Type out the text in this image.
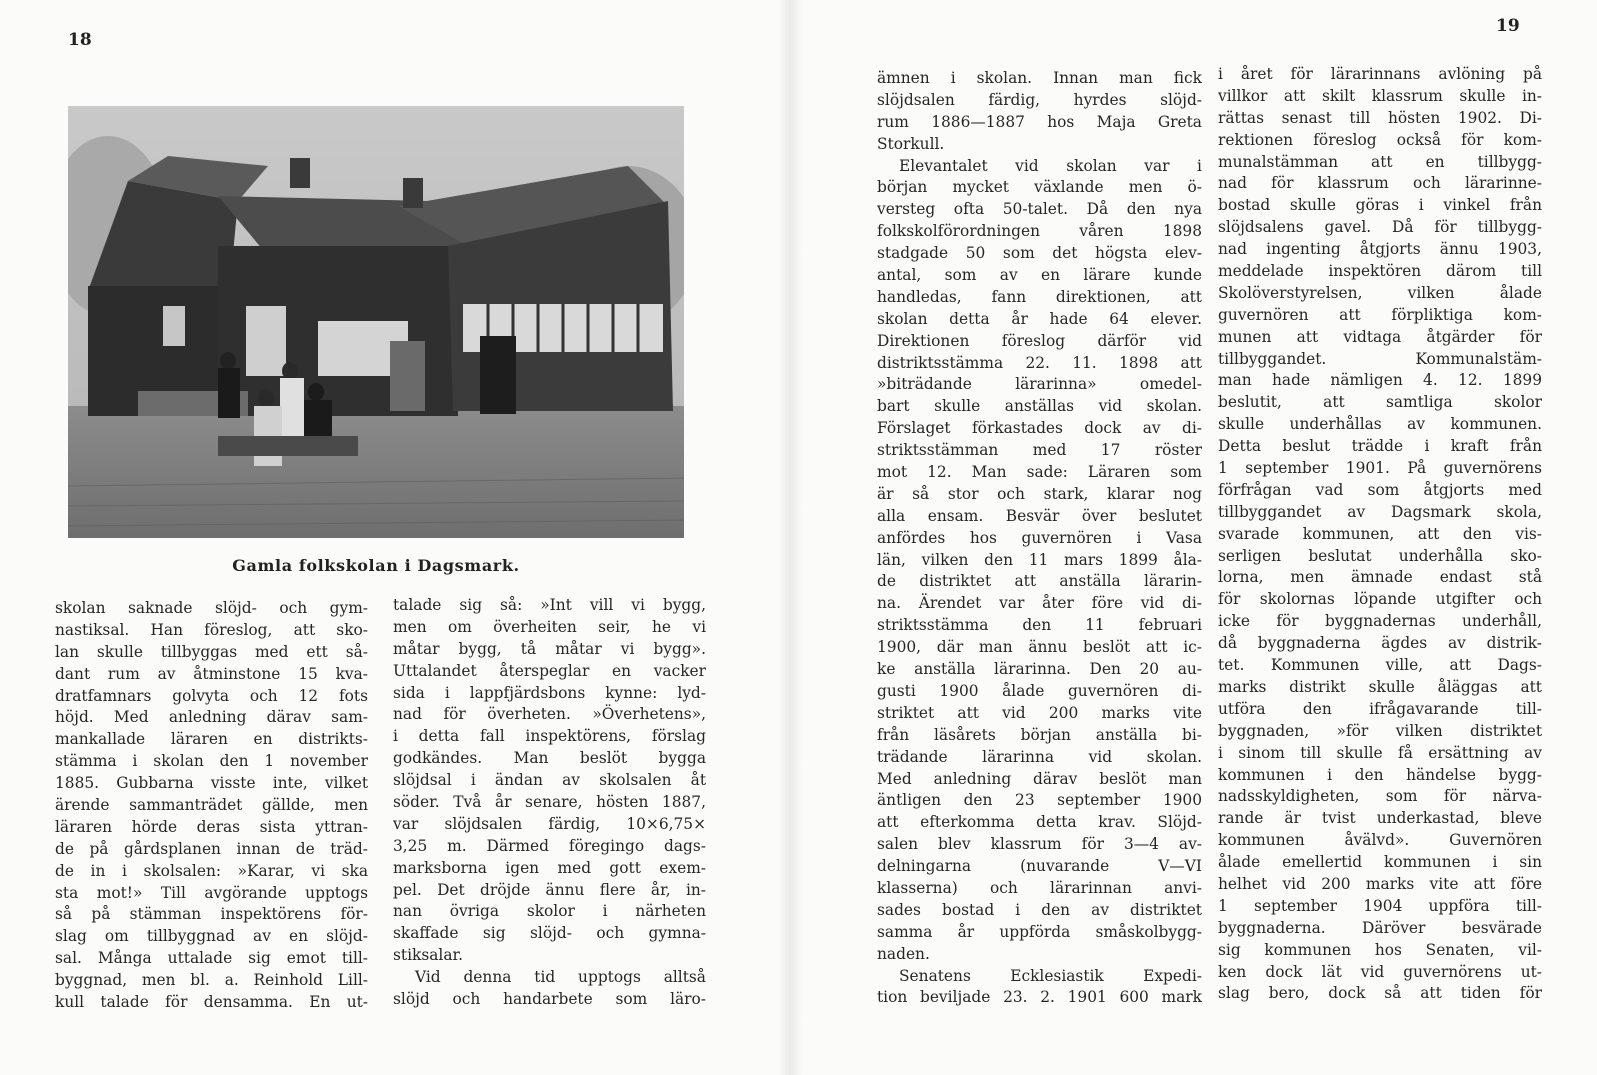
18
Gamla folkskolan i Dagsmark.
skolan saknade slöjd- och gym-
nastiksal. Han föreslog, att sko-
lan skulle tillbyggas med ett så-
dant rum av åtminstone 15 kva-
dratfamnars golvyta och 12 fots
höjd. Med anledning därav sam-
mankallade läraren en distrikts-
stämma i skolan den 1 november
1885. Gubbarna visste inte, vilket
ärende sammanträdet gällde, men
läraren hörde deras sista yttran-
de på gårdsplanen innan de träd-
de in i skolsalen: »Karar, vi ska
sta mot!» Till avgörande upptogs
så på stämman inspektörens för-
slag om tillbyggnad av en slöjd-
sal. Många uttalade sig emot till-
byggnad, men bl. a. Reinhold Lill-
kull talade för densamma. En ut-
talade sig så: »Int vill vi bygg,
men om överheiten seir, he vi
måtar bygg, tå måtar vi bygg».
Uttalandet återspeglar en vacker
sida i lappfjärdsbons kynne: lyd-
nad för överheten. »Överhetens»,
i detta fall inspektörens, förslag
godkändes. Man beslöt bygga
slöjdsal i ändan av skolsalen åt
söder. Två år senare, hösten 1887,
var slöjdsalen färdig, 10×6,75×
3,25 m. Därmed föregingo dags-
marksborna igen med gott exem-
pel. Det dröjde ännu flere år, in-
nan övriga skolor i närheten
skaffade sig slöjd- och gymna-
stiksalar.
Vid denna tid upptogs alltså
slöjd och handarbete som läro-
19
ämnen i skolan. Innan man fick
slöjdsalen färdig, hyrdes slöjd-
rum 1886—1887 hos Maja Greta
Storkull.
Elevantalet vid skolan var i
början mycket växlande men ö-
versteg ofta 50-talet. Då den nya
folkskolförordningen våren 1898
stadgade 50 som det högsta elev-
antal, som av en lärare kunde
handledas, fann direktionen, att
skolan detta år hade 64 elever.
Direktionen föreslog därför vid
distriktsstämma 22. 11. 1898 att
»biträdande lärarinna» omedel-
bart skulle anställas vid skolan.
Förslaget förkastades dock av di-
striktsstämman med 17 röster
mot 12. Man sade: Läraren som
är så stor och stark, klarar nog
alla ensam. Besvär över beslutet
anfördes hos guvernören i Vasa
län, vilken den 11 mars 1899 åla-
de distriktet att anställa lärarin-
na. Ärendet var åter före vid di-
striktsstämma den 11 februari
1900, där man ännu beslöt att ic-
ke anställa lärarinna. Den 20 au-
gusti 1900 ålade guvernören di-
striktet att vid 200 marks vite
från läsårets början anställa bi-
trädande lärarinna vid skolan.
Med anledning därav beslöt man
äntligen den 23 september 1900
att efterkomma detta krav. Slöjd-
salen blev klassrum för 3—4 av-
delningarna (nuvarande V—VI
klasserna) och lärarinnan anvi-
sades bostad i den av distriktet
samma år uppförda småskolbygg-
naden.
Senatens Ecklesiastik Expedi-
tion beviljade 23. 2. 1901 600 mark
i året för lärarinnans avlöning på
villkor att skilt klassrum skulle in-
rättas senast till hösten 1902. Di-
rektionen föreslog också för kom-
munalstämman att en tillbygg-
nad för klassrum och lärarinne-
bostad skulle göras i vinkel från
slöjdsalens gavel. Då för tillbygg-
nad ingenting åtgjorts ännu 1903,
meddelade inspektören därom till
Skolöverstyrelsen, vilken ålade
guvernören att förpliktiga kom-
munen att vidtaga åtgärder för
tillbyggandet. Kommunalstäm-
man hade nämligen 4. 12. 1899
beslutit, att samtliga skolor
skulle underhållas av kommunen.
Detta beslut trädde i kraft från
1 september 1901. På guvernörens
förfrågan vad som åtgjorts med
tillbyggandet av Dagsmark skola,
svarade kommunen, att den vis-
serligen beslutat underhålla sko-
lorna, men ämnade endast stå
för skolornas löpande utgifter och
icke för byggnadernas underhåll,
då byggnaderna ägdes av distrik-
tet. Kommunen ville, att Dags-
marks distrikt skulle åläggas att
utföra den ifrågavarande till-
byggnaden, »för vilken distriktet
i sinom till skulle få ersättning av
kommunen i den händelse bygg-
nadsskyldigheten, som för närva-
rande är tvist underkastad, bleve
kommunen åvälvd». Guvernören
ålade emellertid kommunen i sin
helhet vid 200 marks vite att före
1 september 1904 uppföra till-
byggnaderna. Däröver besvärade
sig kommunen hos Senaten, vil-
ken dock lät vid guvernörens ut-
slag bero, dock så att tiden för
